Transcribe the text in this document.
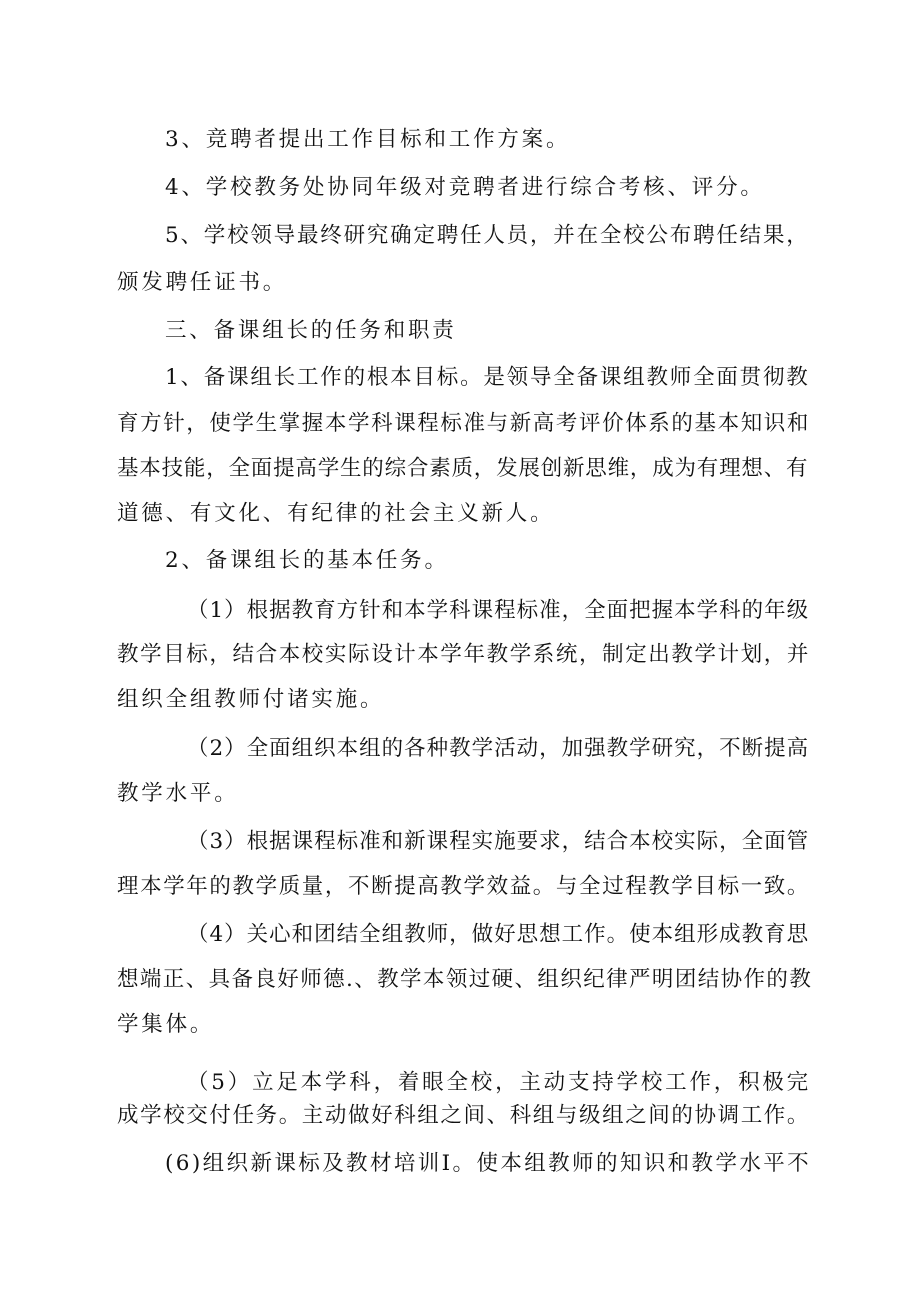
3、竞聘者提出工作目标和工作方案。

4、学校教务处协同年级对竞聘者进行综合考核、评分。

5、学校领导最终研究确定聘任人员，并在全校公布聘任结果，

颁发聘任证书。

三、备课组长的任务和职责

1、备课组长工作的根本目标。是领导全备课组教师全面贯彻教

育方针，使学生掌握本学科课程标准与新高考评价体系的基本知识和

基本技能，全面提高学生的综合素质，发展创新思维，成为有理想、有

道德、有文化、有纪律的社会主义新人。

2、备课组长的基本任务。

（1）根据教育方针和本学科课程标准，全面把握本学科的年级

教学目标，结合本校实际设计本学年教学系统，制定出教学计划，并

组织全组教师付诸实施。

（2）全面组织本组的各种教学活动，加强教学研究，不断提高

教学水平。

（3）根据课程标准和新课程实施要求，结合本校实际，全面管

理本学年的教学质量，不断提高教学效益。与全过程教学目标一致。

（4）关心和团结全组教师，做好思想工作。使本组形成教育思

想端正、具备良好师德.、教学本领过硬、组织纪律严明团结协作的教

学集体。

（5）立足本学科，着眼全校，主动支持学校工作，积极完

成学校交付任务。主动做好科组之间、科组与级组之间的协调工作。

(6)组织新课标及教材培训I。使本组教师的知识和教学水平不
